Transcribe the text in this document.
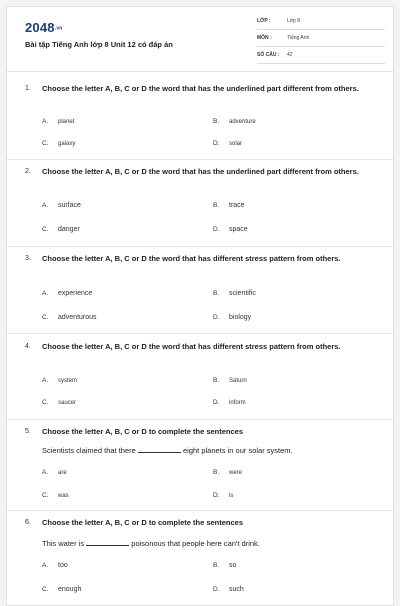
2048.vn
Bài tập Tiếng Anh lớp 8 Unit 12 có đáp án
LỚP :	Lớp 8
MÔN :	Tiếng Anh
SỐ CÂU : 42
1. Choose the letter A, B, C or D the word that has the underlined part different from others.
A. planet	B. adventure
C. galaxy	D. solar
2. Choose the letter A, B, C or D the word that has the underlined part different from others.
A. surface	B. trace
C. danger	D. space
3. Choose the letter A, B, C or D the word that has different stress pattern from others.
A. experience	B. scientific
C. adventurous	D. biology
4. Choose the letter A, B, C or D the word that has different stress pattern from others.
A. system	B. Saturn
C. saucer	D. inform
5. Choose the letter A, B, C or D to complete the sentences
Scientists claimed that there	eight planets in our solar system.
A. are	B. were
C. was	D. is
6. Choose the letter A, B, C or D to complete the sentences
This water is	poisonous that people here can't drink.
A. too	B. so
C. enough	D. such
